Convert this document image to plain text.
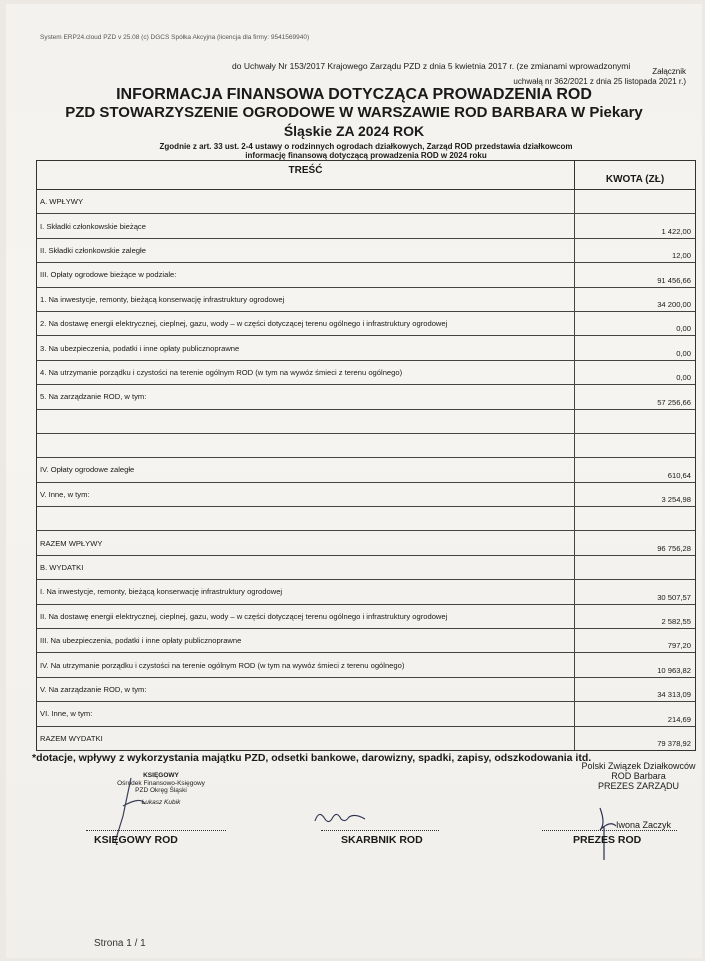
System ERP24.cloud PZD v 25.08 (c) DGCS Spółka Akcyjna (licencja dla firmy: 9541569940)
Załącznik
do Uchwały Nr 153/2017 Krajowego Zarządu PZD z dnia 5 kwietnia 2017 r. (ze zmianami wprowadzonymi
uchwałą nr 362/2021 z dnia 25 listopada 2021 r.)
INFORMACJA FINANSOWA DOTYCZĄCA PROWADZENIA ROD
PZD STOWARZYSZENIE OGRODOWE W WARSZAWIE ROD BARBARA W Piekary
Śląskie ZA 2024 ROK
Zgodnie z art. 33 ust. 2-4 ustawy o rodzinnych ogrodach działkowych, Zarząd ROD przedstawia działkowcom
informację finansową dotyczącą prowadzenia ROD w 2024 roku
TREŚĆ
KWOTA (ZŁ)
A. WPŁYWY
I. Składki członkowskie bieżące
1 422,00
II. Składki członkowskie zaległe
12,00
III. Opłaty ogrodowe bieżące w podziale:
91 456,66
1. Na inwestycje, remonty, bieżącą konserwację infrastruktury ogrodowej
34 200,00
2. Na dostawę energii elektrycznej, cieplnej, gazu, wody – w części dotyczącej terenu ogólnego i infrastruktury ogrodowej
0,00
3. Na ubezpieczenia, podatki i inne opłaty publicznoprawne
0,00
4. Na utrzymanie porządku i czystości na terenie ogólnym ROD (w tym na wywóz śmieci z terenu ogólnego)
0,00
5. Na zarządzanie ROD, w tym:
57 256,66
IV. Opłaty ogrodowe zaległe
610,64
V. Inne, w tym:
3 254,98
RAZEM WPŁYWY
96 756,28
B. WYDATKI
I. Na inwestycje, remonty, bieżącą konserwację infrastruktury ogrodowej
30 507,57
II. Na dostawę energii elektrycznej, cieplnej, gazu, wody – w części dotyczącej terenu ogólnego i infrastruktury ogrodowej
2 582,55
III. Na ubezpieczenia, podatki i inne opłaty publicznoprawne
797,20
IV. Na utrzymanie porządku i czystości na terenie ogólnym ROD (w tym na wywóz śmieci z terenu ogólnego)
10 963,82
V. Na zarządzanie ROD, w tym:
34 313,09
VI. Inne, w tym:
214,69
RAZEM WYDATKI
79 378,92
*dotacje, wpływy z wykorzystania majątku PZD, odsetki bankowe, darowizny, spadki, zapisy, odszkodowania itd.
KSIĘGOWY
Ośrodek Finansowo-Księgowy
PZD Okręg Śląski
Łukasz Kubik
Polski Związek Działkowców
ROD Barbara
PREZES ZARZĄDU
Iwona Zaczyk
KSIĘGOWY ROD	SKARBNIK ROD	PREZES ROD
Strona 1 / 1
